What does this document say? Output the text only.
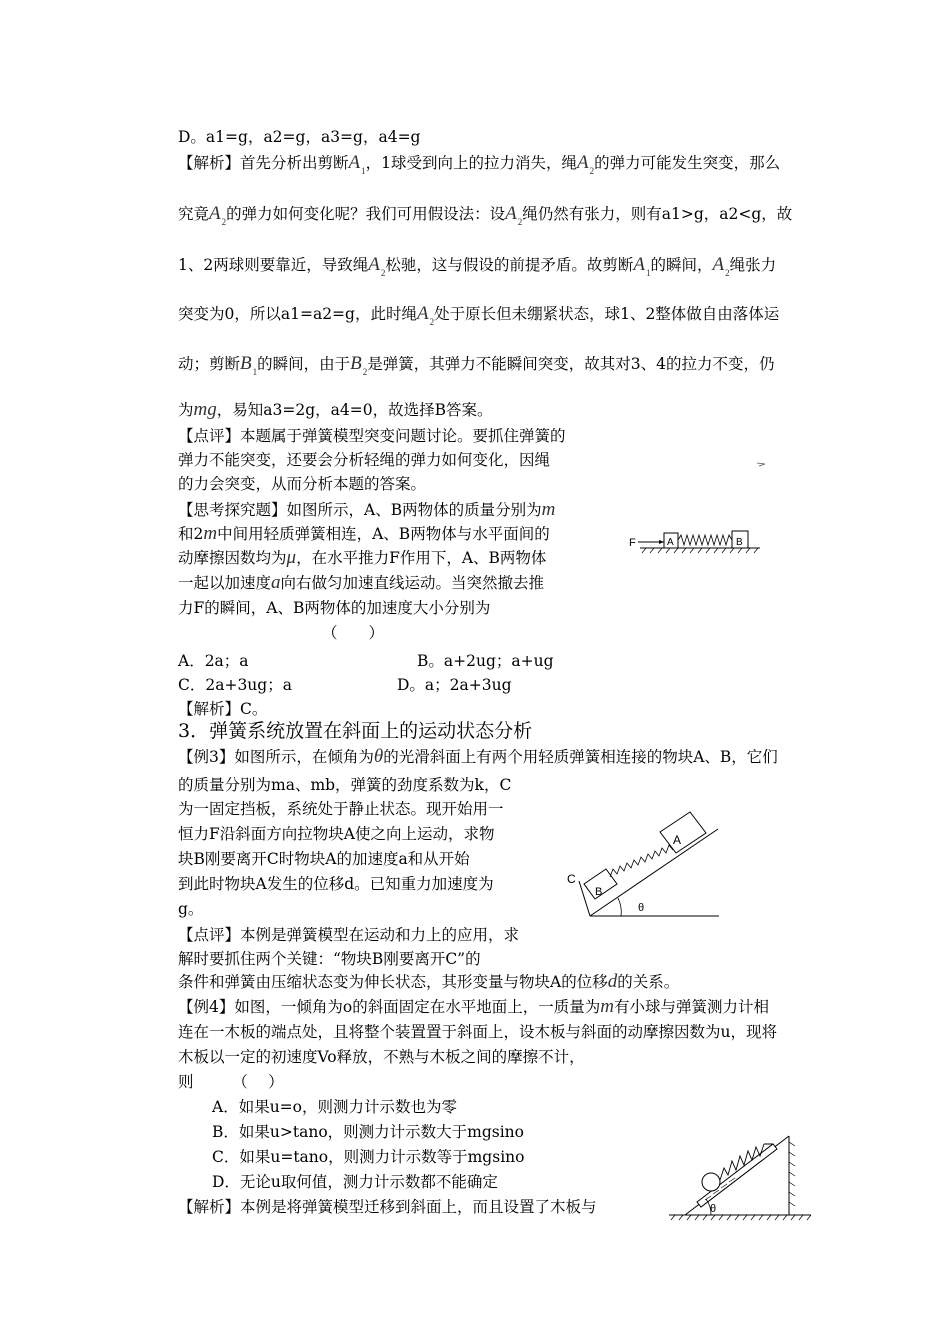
D。a1=g，a2=g，a3=g，a4=g
【解析】首先分析出剪断$A_1$，1球受到向上的拉力消失，绳$A_2$的弹力可能发生突变，那么
究竟$A_2$的弹力如何变化呢？我们可用假设法：设$A_2$绳仍然有张力，则有a1>g，a2<g，故
1、2两球则要靠近，导致绳$A_2$松驰，这与假设的前提矛盾。故剪断$A_1$的瞬间，$A_2$绳张力
突变为0，所以a1=a2=g，此时绳$A_2$处于原长但未绷紧状态，球1、2整体做自由落体运
动；剪断$B_1$的瞬间，由于$B_2$是弹簧，其弹力不能瞬间突变，故其对3、4的拉力不变，仍
为mg，易知a3=2g，a4=0，故选择B答案。
【点评】本题属于弹簧模型突变问题讨论。要抓住弹簧的
弹力不能突变，还要会分析轻绳的弹力如何变化，因绳
的力会突变，从而分析本题的答案。
【思考探究题】如图所示，A、B两物体的质量分别为m
和2m中间用轻质弹簧相连，A、B两物体与水平面间的
动摩擦因数均为μ，在水平推力F作用下，A、B两物体
一起以加速度a向右做匀加速直线运动。当突然撤去推
力F的瞬间，A、B两物体的加速度大小分别为
（　　）
A．2a；a	B。a+2ug；a+ug
C．2a+3ug；a	D。a；2a+3ug
【解析】C。
F	A	B
3．弹簧系统放置在斜面上的运动状态分析
【例3】如图所示，在倾角为θ的光滑斜面上有两个用轻质弹簧相连接的物块A、B，它们
的质量分别为ma、mb，弹簧的劲度系数为k，C
为一固定挡板，系统处于静止状态。现开始用一
恒力F沿斜面方向拉物块A使之向上运动，求物
块B刚要离开C时物块A的加速度a和从开始
到此时物块A发生的位移d。已知重力加速度为
g。
C
B
A
θ
【点评】本例是弹簧模型在运动和力上的应用，求
解时要抓住两个关键：“物块B刚要离开C”的
条件和弹簧由压缩状态变为伸长状态，其形变量与物块A的位移d的关系。
【例4】如图，一倾角为o的斜面固定在水平地面上，一质量为m有小球与弹簧测力计相
连在一木板的端点处，且将整个装置置于斜面上，设木板与斜面的动摩擦因数为u，现将
木板以一定的初速度Vo释放，不熟与木板之间的摩擦不计，
则　　　（　 ）
A．如果u=o，则测力计示数也为零
B．如果u>tano，则测力计示数大于mgsino
C．如果u=tano，则测力计示数等于mgsino
D．无论u取何值，测力计示数都不能确定
【解析】本例是将弹簧模型迁移到斜面上，而且设置了木板与	θ
